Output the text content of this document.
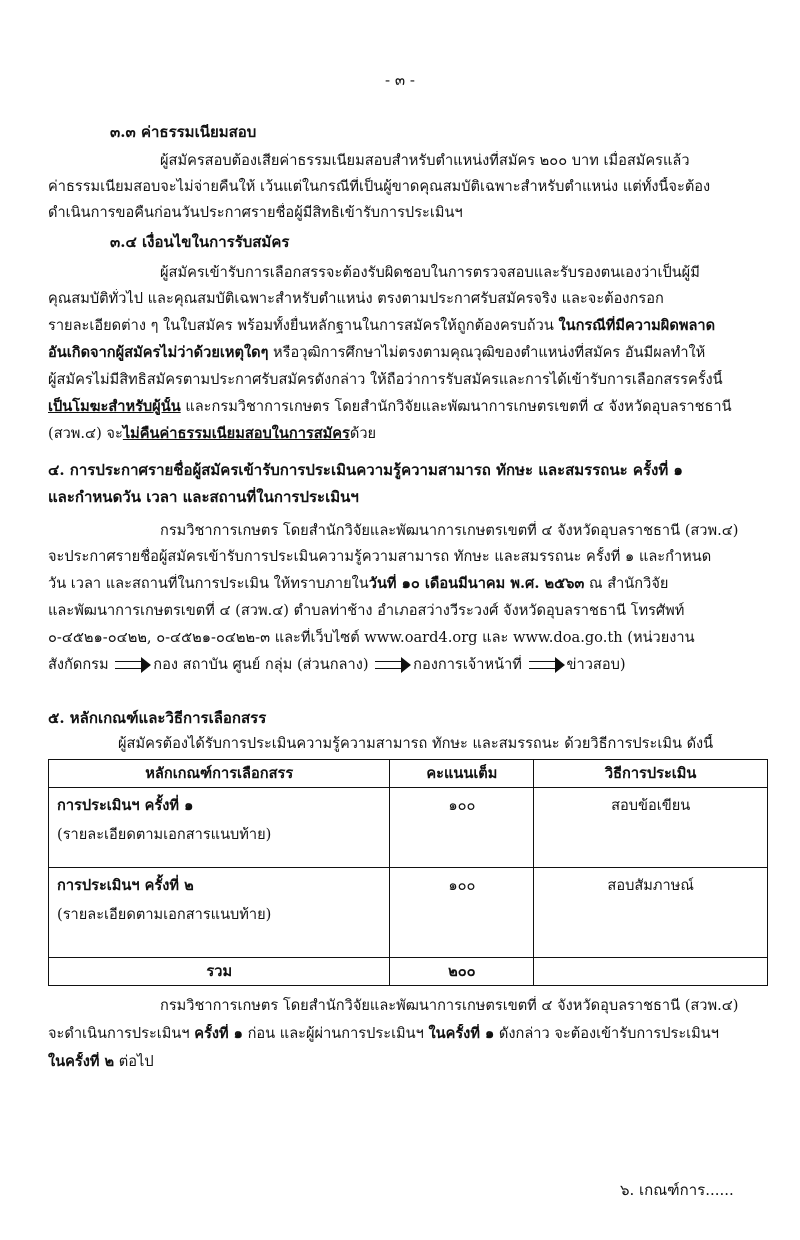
- ๓ -
๓.๓ ค่าธรรมเนียมสอบ
ผู้สมัครสอบต้องเสียค่าธรรมเนียมสอบสำหรับตำแหน่งที่สมัคร ๒๐๐ บาท เมื่อสมัครแล้ว
ค่าธรรมเนียมสอบจะไม่จ่ายคืนให้ เว้นแต่ในกรณีที่เป็นผู้ขาดคุณสมบัติเฉพาะสำหรับตำแหน่ง แต่ทั้งนี้จะต้อง
ดำเนินการขอคืนก่อนวันประกาศรายชื่อผู้มีสิทธิเข้ารับการประเมินฯ
๓.๔ เงื่อนไขในการรับสมัคร
ผู้สมัครเข้ารับการเลือกสรรจะต้องรับผิดชอบในการตรวจสอบและรับรองตนเองว่าเป็นผู้มี
คุณสมบัติทั่วไป และคุณสมบัติเฉพาะสำหรับตำแหน่ง ตรงตามประกาศรับสมัครจริง และจะต้องกรอก
รายละเอียดต่าง ๆ ในใบสมัคร พร้อมทั้งยื่นหลักฐานในการสมัครให้ถูกต้องครบถ้วน ในกรณีที่มีความผิดพลาด
อันเกิดจากผู้สมัครไม่ว่าด้วยเหตุใดๆ หรือวุฒิการศึกษาไม่ตรงตามคุณวุฒิของตำแหน่งที่สมัคร อันมีผลทำให้
ผู้สมัครไม่มีสิทธิสมัครตามประกาศรับสมัครดังกล่าว ให้ถือว่าการรับสมัครและการได้เข้ารับการเลือกสรรครั้งนี้
เป็นโมฆะสำหรับผู้นั้น และกรมวิชาการเกษตร โดยสำนักวิจัยและพัฒนาการเกษตรเขตที่ ๔ จังหวัดอุบลราชธานี
(สวพ.๔) จะไม่คืนค่าธรรมเนียมสอบในการสมัครด้วย
๔. การประกาศรายชื่อผู้สมัครเข้ารับการประเมินความรู้ความสามารถ ทักษะ และสมรรถนะ ครั้งที่ ๑
และกำหนดวัน เวลา และสถานที่ในการประเมินฯ
กรมวิชาการเกษตร โดยสำนักวิจัยและพัฒนาการเกษตรเขตที่ ๔ จังหวัดอุบลราชธานี (สวพ.๔)
จะประกาศรายชื่อผู้สมัครเข้ารับการประเมินความรู้ความสามารถ ทักษะ และสมรรถนะ ครั้งที่ ๑ และกำหนด
วัน เวลา และสถานที่ในการประเมิน ให้ทราบภายในวันที่ ๑๐ เดือนมีนาคม พ.ศ. ๒๕๖๓ ณ สำนักวิจัย
และพัฒนาการเกษตรเขตที่ ๔ (สวพ.๔) ตำบลท่าช้าง อำเภอสว่างวีระวงศ์ จังหวัดอุบลราชธานี โทรศัพท์
๐-๔๕๒๑-๐๔๒๒, ๐-๔๕๒๑-๐๔๒๒-๓ และที่เว็บไซต์ www.oard4.org และ www.doa.go.th (หน่วยงาน
สังกัดกรม	กอง สถาบัน ศูนย์ กลุ่ม (ส่วนกลาง)	กองการเจ้าหน้าที่	ข่าวสอบ)
๕. หลักเกณฑ์และวิธีการเลือกสรร
ผู้สมัครต้องได้รับการประเมินความรู้ความสามารถ ทักษะ และสมรรถนะ ด้วยวิธีการประเมิน ดังนี้
หลักเกณฑ์การเลือกสรร	คะแนนเต็ม	วิธีการประเมิน

การประเมินฯ ครั้งที่ ๑
(รายละเอียดตามเอกสารแนบท้าย)	๑๐๐	สอบข้อเขียน

การประเมินฯ ครั้งที่ ๒
(รายละเอียดตามเอกสารแนบท้าย)	๑๐๐	สอบสัมภาษณ์

รวม	๒๐๐	
กรมวิชาการเกษตร โดยสำนักวิจัยและพัฒนาการเกษตรเขตที่ ๔ จังหวัดอุบลราชธานี (สวพ.๔)
จะดำเนินการประเมินฯ ครั้งที่ ๑ ก่อน และผู้ผ่านการประเมินฯ ในครั้งที่ ๑ ดังกล่าว จะต้องเข้ารับการประเมินฯ
ในครั้งที่ ๒ ต่อไป
๖. เกณฑ์การ......
